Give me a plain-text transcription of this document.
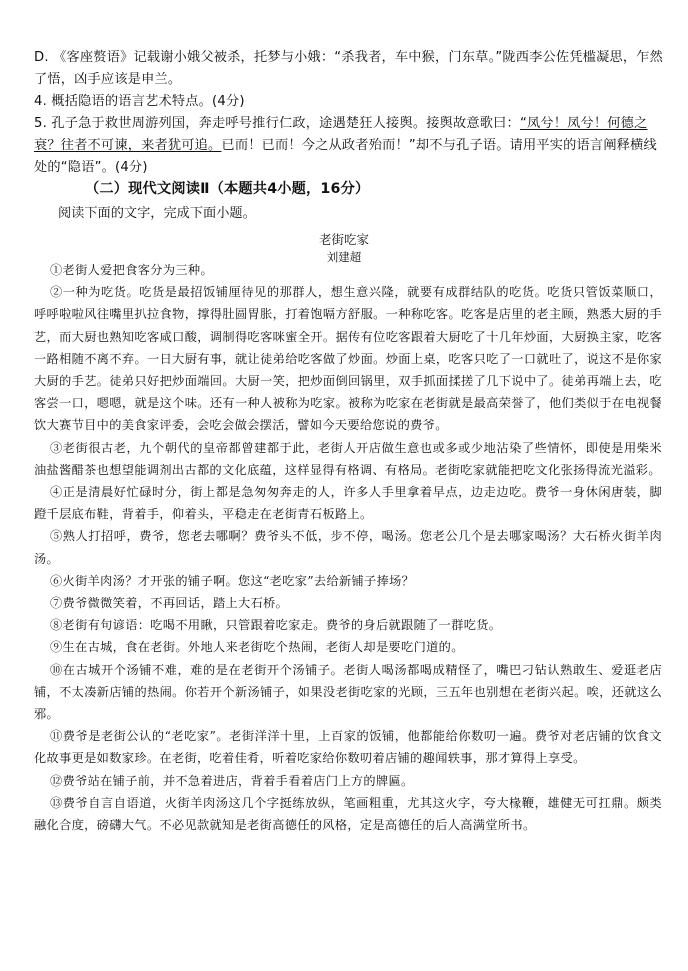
D. 《客座赘语》记载谢小娥父被杀，托梦与小娥：“杀我者，车中猴，门东草。”陇西李公佐凭槛凝思，乍然了悟，凶手应该是申兰。

4. 概括隐语的语言艺术特点。(4分)

5. 孔子急于救世周游列国，奔走呼号推行仁政，途遇楚狂人接舆。接舆故意歌曰：“凤兮！凤兮！何德之衰？往者不可谏，来者犹可追。已而！已而！今之从政者殆而！”却不与孔子语。请用平实的语言阐释横线处的“隐语”。(4分)

（二）现代文阅读Ⅱ（本题共4小题，16分）
阅读下面的文字，完成下面小题。
老街吃家
刘建超

①老街人爱把食客分为三种。

②一种为吃货。吃货是最招饭铺厘待见的那群人，想生意兴隆，就要有成群结队的吃货。吃货只管饭菜顺口，呼呼啦啦风往嘴里扒拉食物，撑得肚圆胃胀，打着饱嗝方舒服。一种称吃客。吃客是店里的老主顾，熟悉大厨的手艺，而大厨也熟知吃客咸口酸，调制得吃客咪蜜全开。据传有位吃客跟着大厨吃了十几年炒面，大厨换主家，吃客一路相随不离不弃。一日大厨有事，就让徒弟给吃客做了炒面。炒面上桌，吃客只吃了一口就吐了，说这不是你家大厨的手艺。徒弟只好把炒面端回。大厨一笑，把炒面倒回锅里，双手抓面揉搓了几下说中了。徒弟再端上去，吃客尝一口，嗯嗯，就是这个味。还有一种人被称为吃家。被称为吃家在老街就是最高荣誉了，他们类似于在电视餐饮大赛节目中的美食家评委，会吃会做会摆活，譬如今天要给您说的费爷。

③老街很古老，九个朝代的皇帝都曾建都于此，老街人开店做生意也或多或少地沾染了些情怀，即使是用柴米油盐酱醋茶也想望能调剂出古都的文化底蕴，这样显得有格调、有格局。老街吃家就能把吃文化张扬得流光溢彩。

④正是清晨好忙碌时分，街上都是急匆匆奔走的人，许多人手里拿着早点，边走边吃。费爷一身休闲唐装，脚蹬千层底布鞋，背着手，仰着头，平稳走在老街青石板路上。

⑤熟人打招呼，费爷，您老去哪啊？费爷头不低，步不停，喝汤。您老公几个是去哪家喝汤？大石桥火街羊肉汤。

⑥火街羊肉汤？才开张的铺子啊。您这“老吃家”去给新铺子捧场？

⑦费爷微微笑着，不再回话，踏上大石桥。

⑧老街有句谚语：吃喝不用瞅，只管跟着吃家走。费爷的身后就跟随了一群吃货。

⑨生在古城，食在老街。外地人来老街吃个热闹，老街人却是要吃门道的。

⑩在古城开个汤铺不难，难的是在老街开个汤铺子。老街人喝汤都喝成精怪了，嘴巴刁钻认熟敢生、爱逛老店铺，不太凑新店铺的热闹。你若开个新汤铺子，如果没老街吃家的光顾，三五年也别想在老街兴起。唉，还就这么邪。

⑪费爷是老街公认的“老吃家”。老街洋洋十里，上百家的饭铺，他都能给你数叨一遍。费爷对老店铺的饮食文化故事更是如数家珍。在老街，吃着佳肴，听着吃家给你数叨着店铺的趣闻轶事，那才算得上享受。

⑫费爷站在铺子前，并不急着进店，背着手看着店门上方的牌匾。

⑬费爷自言自语道，火街羊肉汤这几个字挺练放纵，笔画粗重，尤其这火字，夸大椽鞭，雄健无可扛鼎。颇类融化合度，磅礴大气。不必见款就知是老街高德任的风格，定是高德任的后人高满堂所书。
